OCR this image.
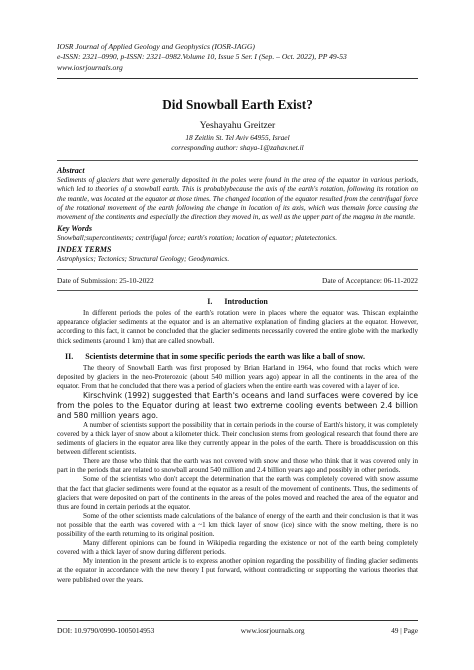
IOSR Journal of Applied Geology and Geophysics (IOSR-JAGG)
e-ISSN: 2321–0990, p-ISSN: 2321–0982.Volume 10, Issue 5 Ser. I (Sep. – Oct. 2022), PP 49-53
www.iosrjournals.org
Did Snowball Earth Exist?
Yeshayahu Greitzer
18 Zeitlin St. Tel Aviv 64955, Israel
corresponding author: shaya-1@zahav.net.il
Abstract
Sediments of glaciers that were generally deposited in the poles were found in the area of the equator in various periods, which led to theories of a snowball earth. This is probablybecause the axis of the earth's rotation, following its rotation on the mantle, was located at the equator at those times. The changed location of the equator resulted from the centrifugal force of the rotational movement of the earth following the change in location of its axis, which was themain force causing the movement of the continents and especially the direction they moved in, as well as the upper part of the magma in the mantle.
Key Words
Snowball;supercontinents; centrifugal force; earth's rotation; location of equator; platetectonics.
INDEX TERMS
Astrophysics; Tectonics; Structural Geology; Geodynamics.
Date of Submission: 25-10-2022	Date of Acceptance: 06-11-2022
I.      Introduction

In different periods the poles of the earth's rotation were in places where the equator was. Thiscan explainthe appearance ofglacier sediments at the equator and is an alternative explanation of finding glaciers at the equator. However, according to this fact, it cannot be concluded that the glacier sediments necessarily covered the entire globe with the markedly thick sediments (around 1 km) that are called snowball.

II.      Scientists determine that in some specific periods the earth was like a ball of snow.

The theory of Snowball Earth was first proposed by Brian Harland in 1964, who found that rocks which were deposited by glaciers in the neo-Proterozoic (about 540 million years ago) appear in all the continents in the area of the equator. From that he concluded that there was a period of glaciers when the entire earth was covered with a layer of ice.

Kirschvink (1992) suggested that Earth's oceans and land surfaces were covered by ice from the poles to the Equator during at least two extreme cooling events between 2.4 billion and 580 million years ago.

A number of scientists support the possibility that in certain periods in the course of Earth's history, it was completely covered by a thick layer of snow about a kilometer thick. Their conclusion stems from geological research that found there are sediments of glaciers in the equator area like they currently appear in the poles of the earth. There is broaddiscussion on this between different scientists.

There are those who think that the earth was not covered with snow and those who think that it was covered only in part in the periods that are related to snowball around 540 million and 2.4 billion years ago and possibly in other periods.

Some of the scientists who don't accept the determination that the earth was completely covered with snow assume that the fact that glacier sediments were found at the equator as a result of the movement of continents. Thus, the sediments of glaciers that were deposited on part of the continents in the areas of the poles moved and reached the area of the equator and thus are found in certain periods at the equator.

Some of the other scientists made calculations of the balance of energy of the earth and their conclusion is that it was not possible that the earth was covered with a ~1 km thick layer of snow (ice) since with the snow melting, there is no possibility of the earth returning to its original position.

Many different opinions can be found in Wikipedia regarding the existence or not of the earth being completely covered with a thick layer of snow during different periods.

My intention in the present article is to express another opinion regarding the possibility of finding glacier sediments at the equator in accordance with the new theory I put forward, without contradicting or supporting the various theories that were published over the years.

DOI: 10.9790/0990-1005014953	www.iosrjournals.org	49 | Page
